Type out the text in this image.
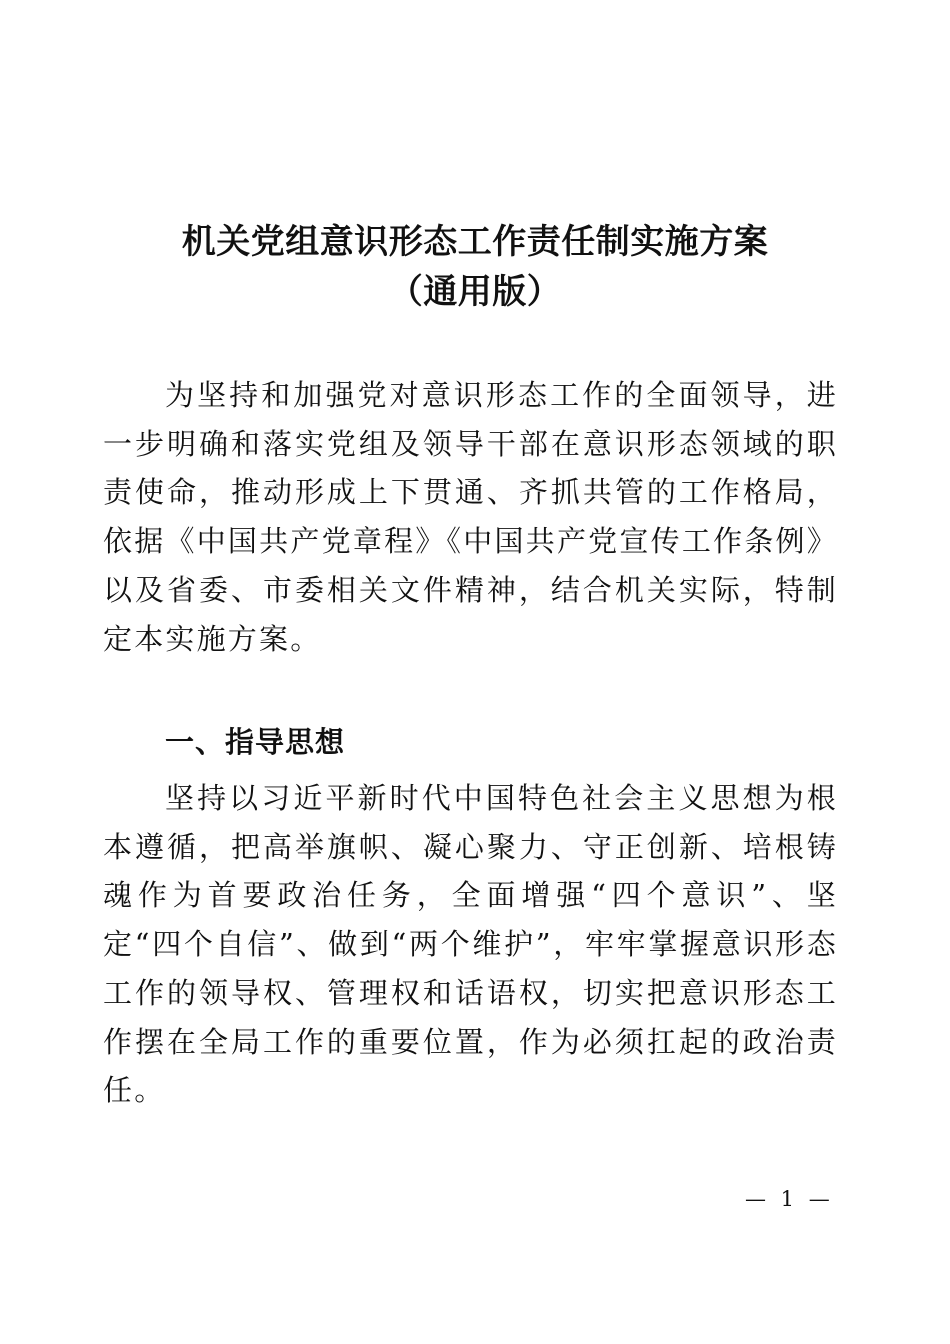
机关党组意识形态工作责任制实施方案
（通用版）

为坚持和加强党对意识形态工作的全面领导，进一步明确和落实党组及领导干部在意识形态领域的职责使命，推动形成上下贯通、齐抓共管的工作格局，依据《中国共产党章程》《中国共产党宣传工作条例》以及省委、市委相关文件精神，结合机关实际，特制定本实施方案。

一、指导思想

坚持以习近平新时代中国特色社会主义思想为根本遵循，把高举旗帜、凝心聚力、守正创新、培根铸魂作为首要政治任务，全面增强“四个意识”、坚定“四个自信”、做到“两个维护”，牢牢掌握意识形态工作的领导权、管理权和话语权，切实把意识形态工作摆在全局工作的重要位置，作为必须扛起的政治责任。

— 1 —
